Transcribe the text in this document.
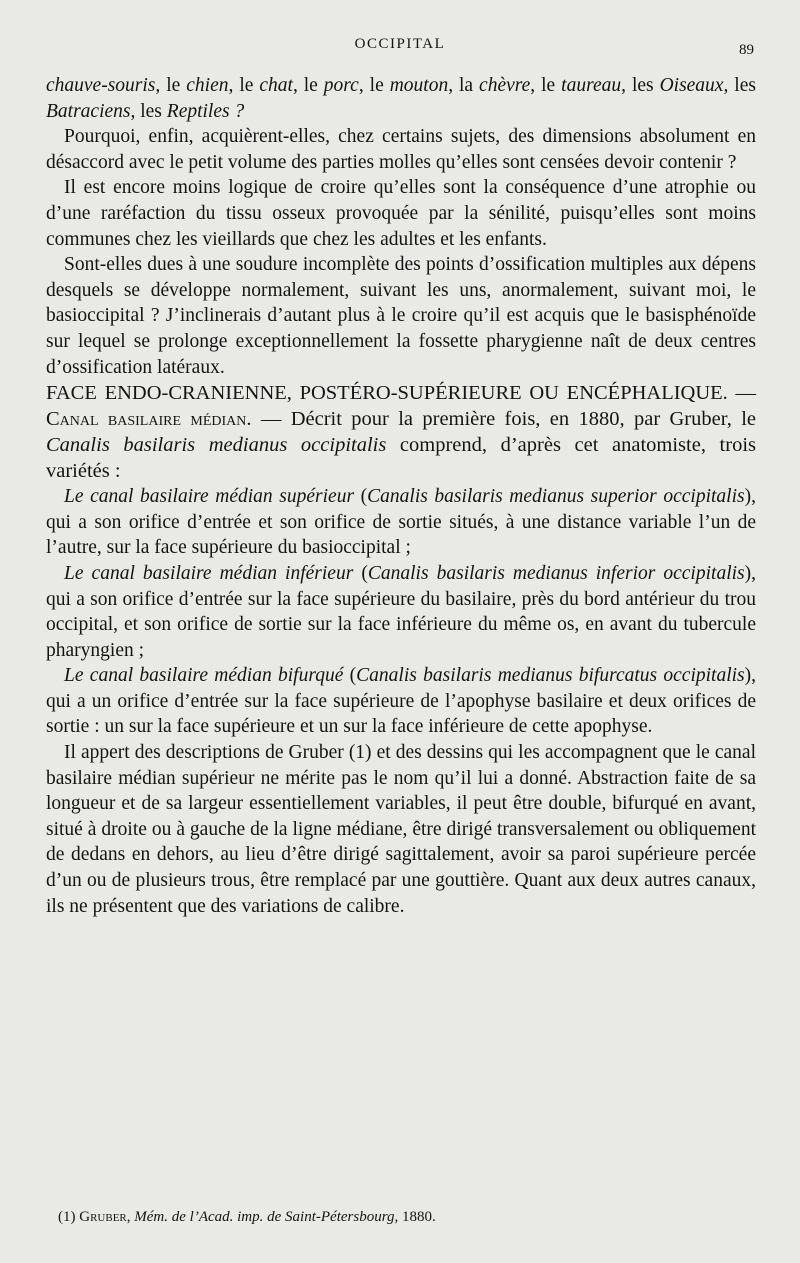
OCCIPITAL	89

chauve-souris, le chien, le chat, le porc, le mouton, la chèvre, le taureau, les Oiseaux, les Batraciens, les Reptiles ?

Pourquoi, enfin, acquièrent-elles, chez certains sujets, des dimensions absolument en désaccord avec le petit volume des parties molles qu’elles sont censées devoir contenir ?

Il est encore moins logique de croire qu’elles sont la conséquence d’une atrophie ou d’une raréfaction du tissu osseux provoquée par la sénilité, puisqu’elles sont moins communes chez les vieillards que chez les adultes et les enfants.

Sont-elles dues à une soudure incomplète des points d’ossification multiples aux dépens desquels se développe normalement, suivant les uns, anormalement, suivant moi, le basioccipital ? J’inclinerais d’autant plus à le croire qu’il est acquis que le basisphénoïde sur lequel se prolonge exceptionnellement la fossette pharygienne naît de deux centres d’ossification latéraux.

FACE ENDO-CRANIENNE, POSTÉRO-SUPÉRIEURE OU ENCÉPHALIQUE. — Canal basilaire médian. — Décrit pour la première fois, en 1880, par Gruber, le Canalis basilaris medianus occipitalis comprend, d’après cet anatomiste, trois variétés :

Le canal basilaire médian supérieur (Canalis basilaris medianus superior occipitalis), qui a son orifice d’entrée et son orifice de sortie situés, à une distance variable l’un de l’autre, sur la face supérieure du basioccipital ;

Le canal basilaire médian inférieur (Canalis basilaris medianus inferior occipitalis), qui a son orifice d’entrée sur la face supérieure du basilaire, près du bord antérieur du trou occipital, et son orifice de sortie sur la face inférieure du même os, en avant du tubercule pharyngien ;

Le canal basilaire médian bifurqué (Canalis basilaris medianus bifurcatus occipitalis), qui a un orifice d’entrée sur la face supérieure de l’apophyse basilaire et deux orifices de sortie : un sur la face supérieure et un sur la face inférieure de cette apophyse.

Il appert des descriptions de Gruber (1) et des dessins qui les accompagnent que le canal basilaire médian supérieur ne mérite pas le nom qu’il lui a donné. Abstraction faite de sa longueur et de sa largeur essentiellement variables, il peut être double, bifurqué en avant, situé à droite ou à gauche de la ligne médiane, être dirigé transversalement ou obliquement de dedans en dehors, au lieu d’être dirigé sagittalement, avoir sa paroi supérieure percée d’un ou de plusieurs trous, être remplacé par une gouttière. Quant aux deux autres canaux, ils ne présentent que des variations de calibre.

(1) Gruber, Mém. de l’Acad. imp. de Saint-Pétersbourg, 1880.
